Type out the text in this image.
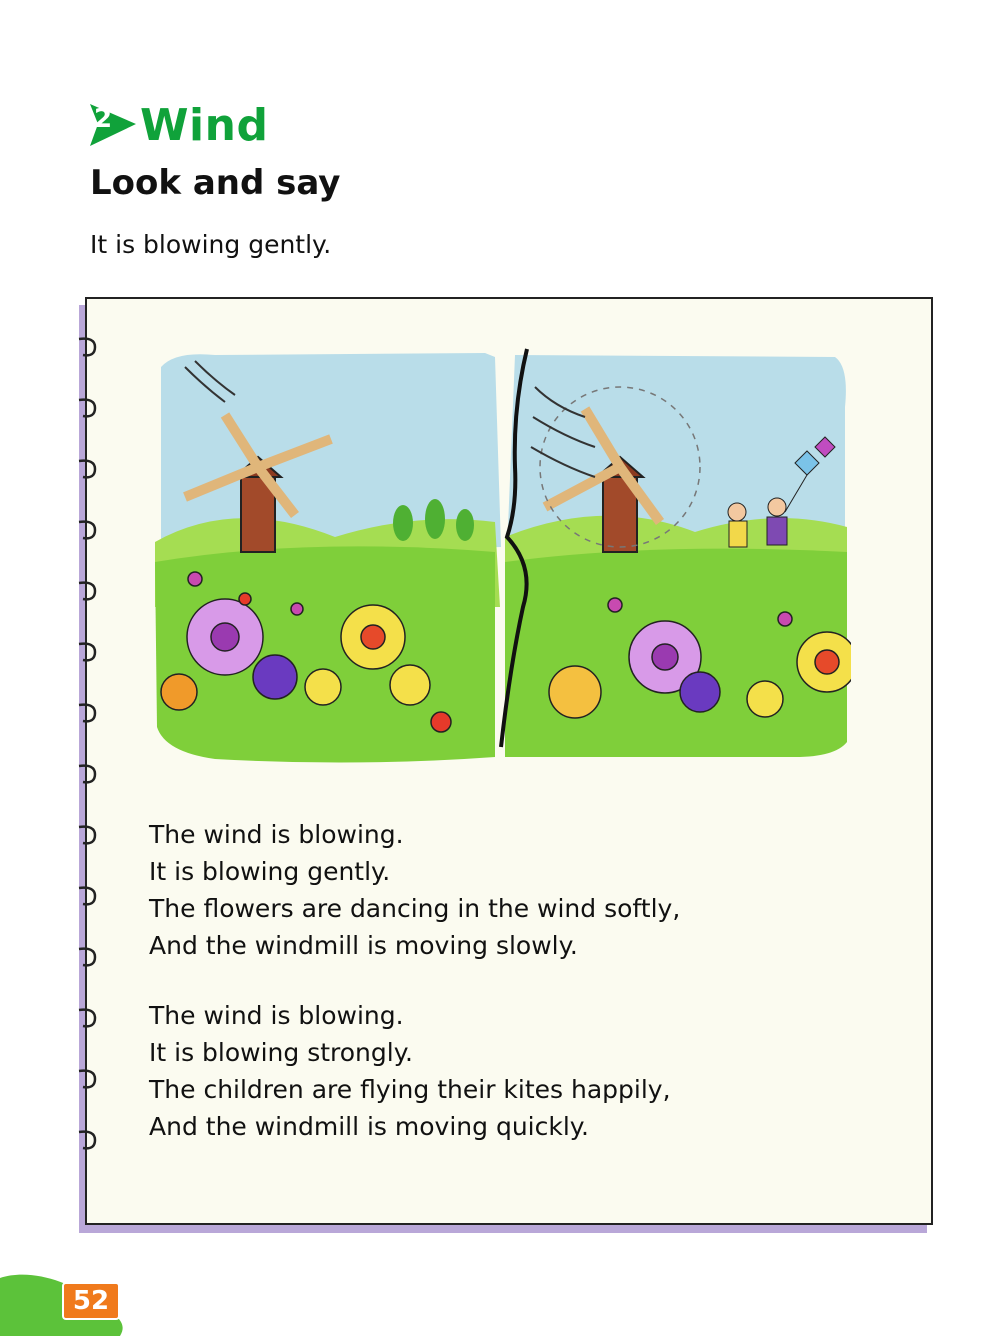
2 Wind
Look and say

It is blowing gently.

The wind is blowing.

It is blowing gently.

The flowers are dancing in the wind softly,

And the windmill is moving slowly.

The wind is blowing.

It is blowing strongly.

The children are flying their kites happily,

And the windmill is moving quickly.

52
